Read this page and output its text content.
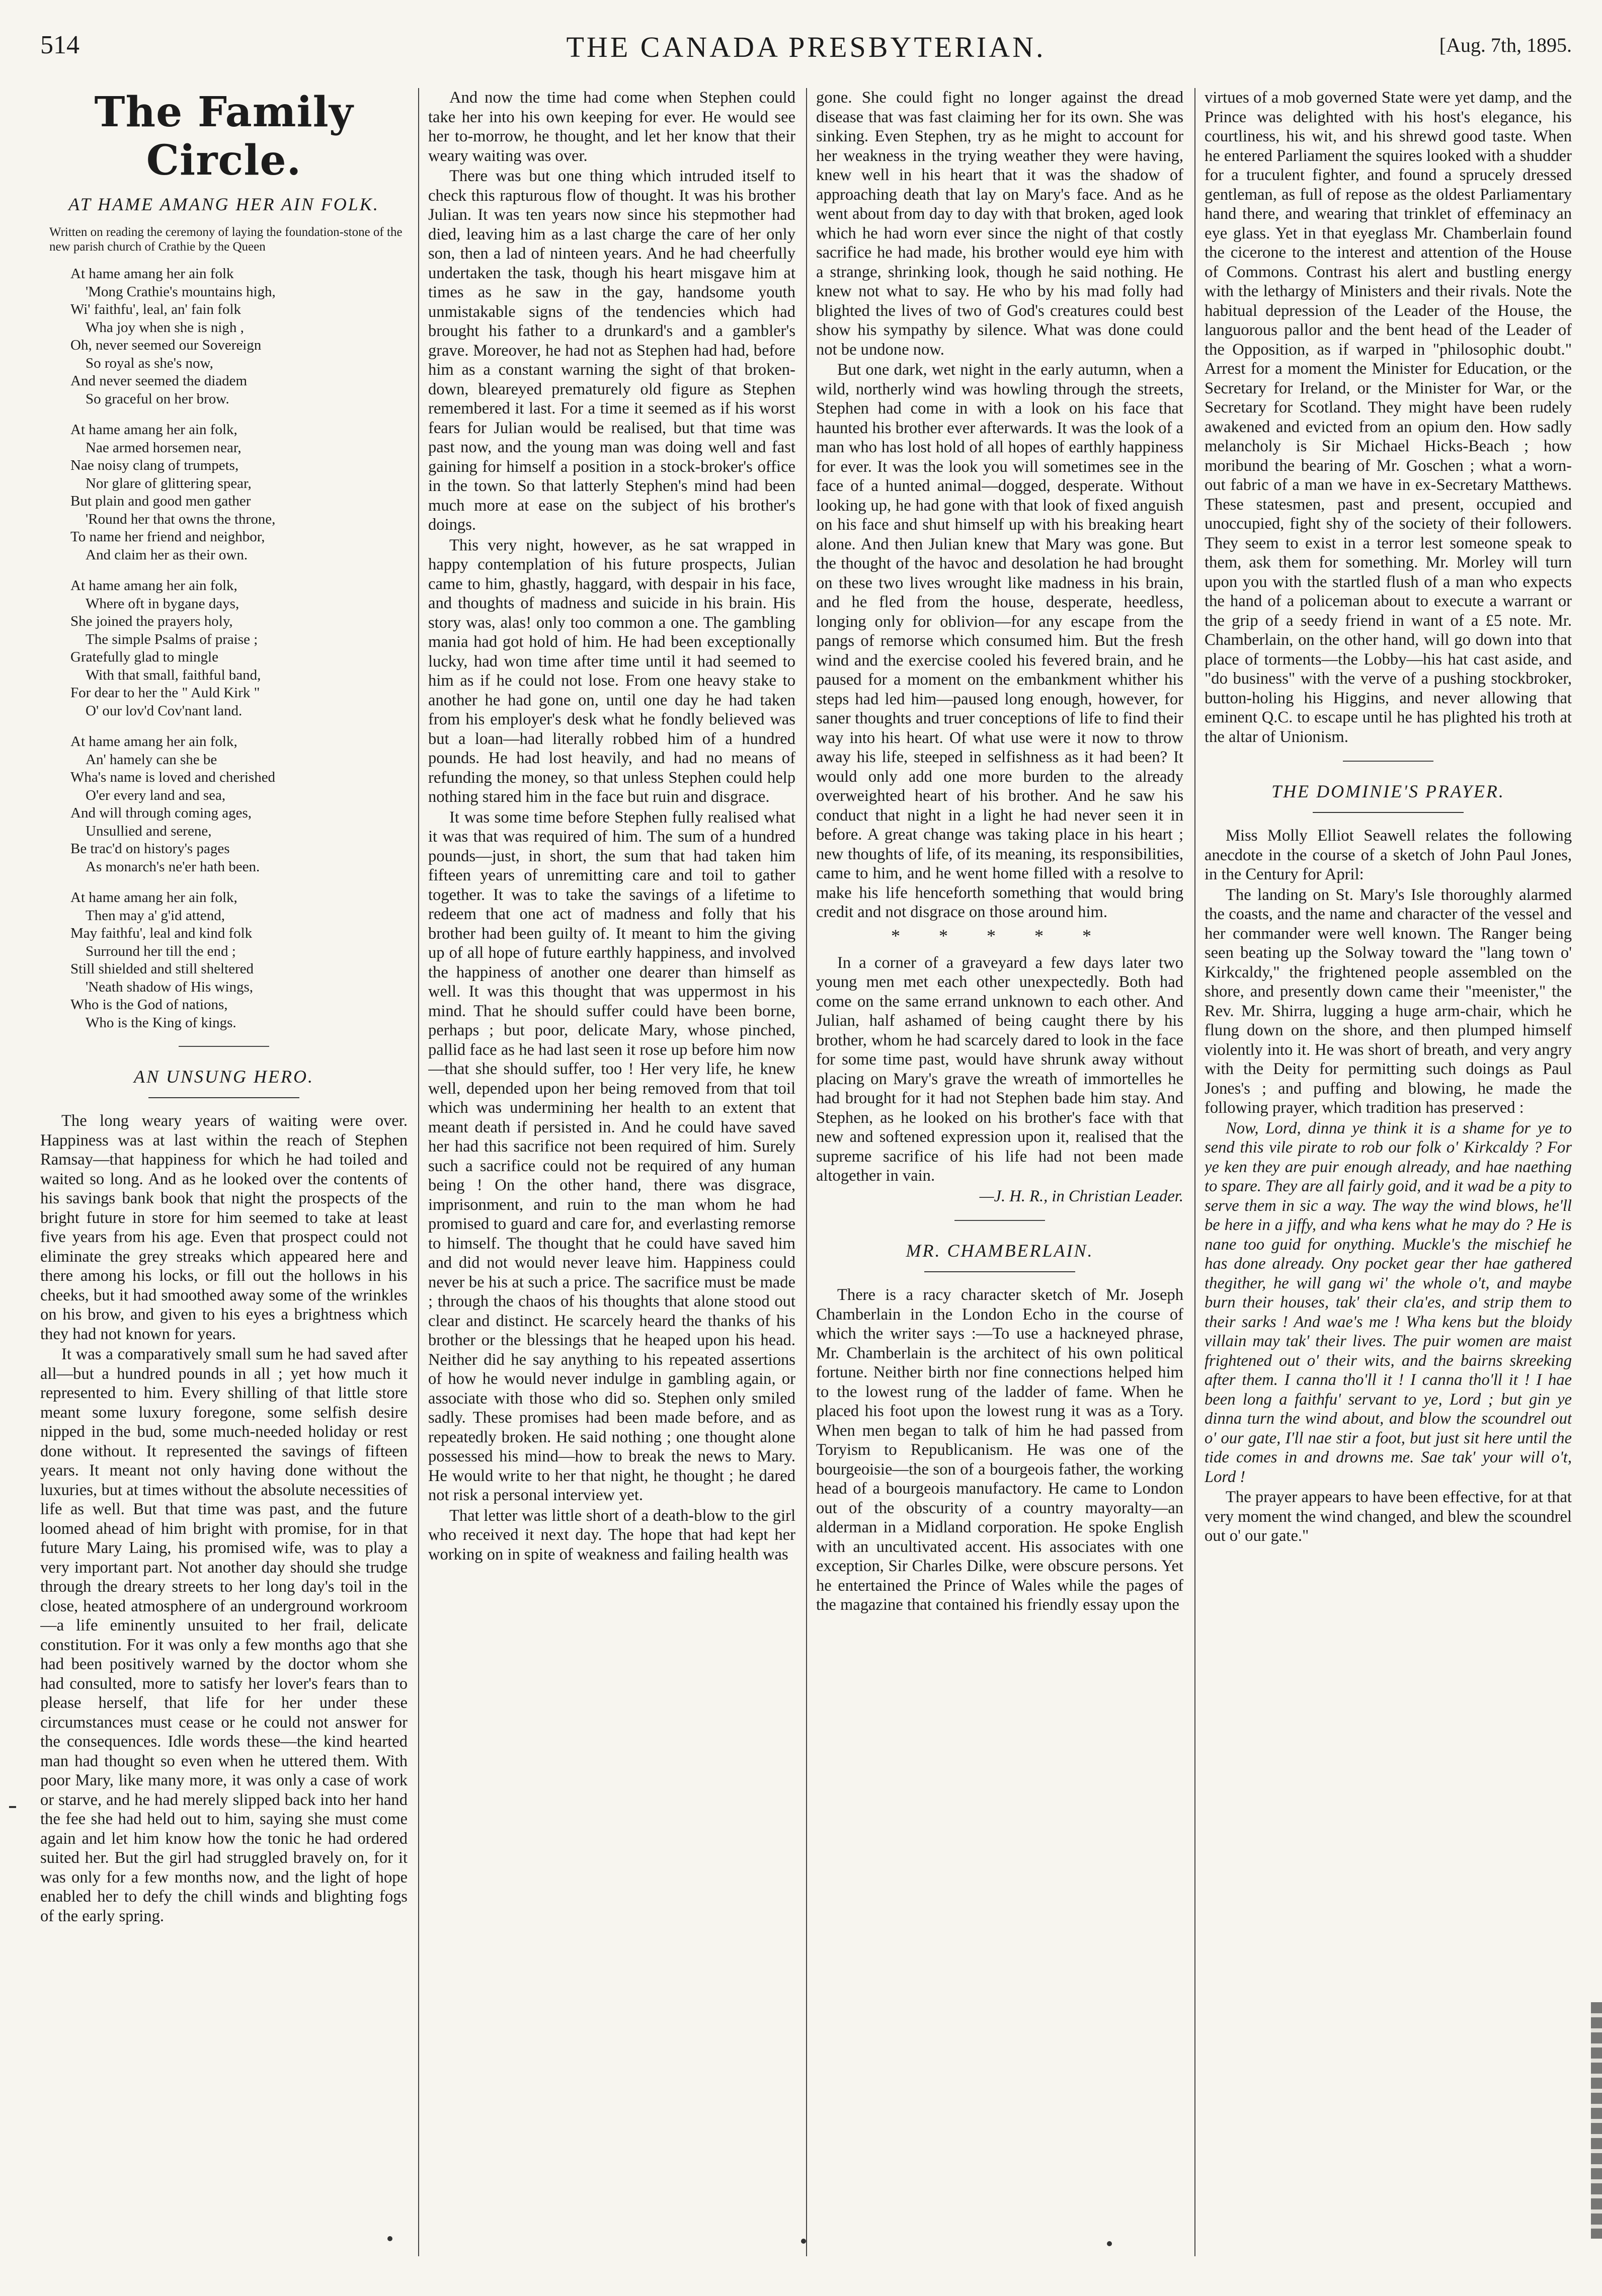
514	THE CANADA PRESBYTERIAN.	[Aug. 7th, 1895.
The Family Circle.
AT HAME AMANG HER AIN FOLK.
Written on reading the ceremony of laying the foundation-stone of the new parish church of Crathie by the Queen
At hame amang her ain folk
'Mong Crathie's mountains high,
Wi' faithfu', leal, an' fain folk
Wha joy when she is nigh ,
Oh, never seemed our Sovereign
So royal as she's now,
And never seemed the diadem
So graceful on her brow.
At hame amang her ain folk,
Nae armed horsemen near,
Nae noisy clang of trumpets,
Nor glare of glittering spear,
But plain and good men gather
'Round her that owns the throne,
To name her friend and neighbor,
And claim her as their own.
At hame amang her ain folk,
Where oft in bygane days,
She joined the prayers holy,
The simple Psalms of praise ;
Gratefully glad to mingle
With that small, faithful band,
For dear to her the " Auld Kirk "
O' our lov'd Cov'nant land.
At hame amang her ain folk,
An' hamely can she be
Wha's name is loved and cherished
O'er every land and sea,
And will through coming ages,
Unsullied and serene,
Be trac'd on history's pages
As monarch's ne'er hath been.
At hame amang her ain folk,
Then may a' g'id attend,
May faithfu', leal and kind folk
Surround her till the end ;
Still shielded and still sheltered
'Neath shadow of His wings,
Who is the God of nations,
Who is the King of kings.
AN UNSUNG HERO.

The long weary years of waiting were over. Happiness was at last within the reach of Stephen Ramsay—that happiness for which he had toiled and waited so long. And as he looked over the contents of his savings bank book that night the prospects of the bright future in store for him seemed to take at least five years from his age. Even that prospect could not eliminate the grey streaks which appeared here and there among his locks, or fill out the hollows in his cheeks, but it had smoothed away some of the wrinkles on his brow, and given to his eyes a brightness which they had not known for years.

It was a comparatively small sum he had saved after all—but a hundred pounds in all ; yet how much it represented to him. Every shilling of that little store meant some luxury foregone, some selfish desire nipped in the bud, some much-needed holiday or rest done without. It represented the savings of fifteen years. It meant not only having done without the luxuries, but at times without the absolute necessities of life as well. But that time was past, and the future loomed ahead of him bright with promise, for in that future Mary Laing, his promised wife, was to play a very important part. Not another day should she trudge through the dreary streets to her long day's toil in the close, heated atmosphere of an underground workroom—a life eminently unsuited to her frail, delicate constitution. For it was only a few months ago that she had been positively warned by the doctor whom she had consulted, more to satisfy her lover's fears than to please herself, that life for her under these circumstances must cease or he could not answer for the consequences. Idle words these—the kind hearted man had thought so even when he uttered them. With poor Mary, like many more, it was only a case of work or starve, and he had merely slipped back into her hand the fee she had held out to him, saying she must come again and let him know how the tonic he had ordered suited her. But the girl had struggled bravely on, for it was only for a few months now, and the light of hope enabled her to defy the chill winds and blighting fogs of the early spring.

And now the time had come when Stephen could take her into his own keeping for ever. He would see her to-morrow, he thought, and let her know that their weary waiting was over.

There was but one thing which intruded itself to check this rapturous flow of thought. It was his brother Julian. It was ten years now since his stepmother had died, leaving him as a last charge the care of her only son, then a lad of ninteen years. And he had cheerfully undertaken the task, though his heart misgave him at times as he saw in the gay, handsome youth unmistakable signs of the tendencies which had brought his father to a drunkard's and a gambler's grave. Moreover, he had not as Stephen had had, before him as a constant warning the sight of that broken-down, bleareyed prematurely old figure as Stephen remembered it last. For a time it seemed as if his worst fears for Julian would be realised, but that time was past now, and the young man was doing well and fast gaining for himself a position in a stock-broker's office in the town. So that latterly Stephen's mind had been much more at ease on the subject of his brother's doings.

This very night, however, as he sat wrapped in happy contemplation of his future prospects, Julian came to him, ghastly, haggard, with despair in his face, and thoughts of madness and suicide in his brain. His story was, alas! only too common a one. The gambling mania had got hold of him. He had been exceptionally lucky, had won time after time until it had seemed to him as if he could not lose. From one heavy stake to another he had gone on, until one day he had taken from his employer's desk what he fondly believed was but a loan—had literally robbed him of a hundred pounds. He had lost heavily, and had no means of refunding the money, so that unless Stephen could help nothing stared him in the face but ruin and disgrace.

It was some time before Stephen fully realised what it was that was required of him. The sum of a hundred pounds—just, in short, the sum that had taken him fifteen years of unremitting care and toil to gather together. It was to take the savings of a lifetime to redeem that one act of madness and folly that his brother had been guilty of. It meant to him the giving up of all hope of future earthly happiness, and involved the happiness of another one dearer than himself as well. It was this thought that was uppermost in his mind. That he should suffer could have been borne, perhaps ; but poor, delicate Mary, whose pinched, pallid face as he had last seen it rose up before him now—that she should suffer, too ! Her very life, he knew well, depended upon her being removed from that toil which was undermining her health to an extent that meant death if persisted in. And he could have saved her had this sacrifice not been required of him. Surely such a sacrifice could not be required of any human being ! On the other hand, there was disgrace, imprisonment, and ruin to the man whom he had promised to guard and care for, and everlasting remorse to himself. The thought that he could have saved him and did not would never leave him. Happiness could never be his at such a price. The sacrifice must be made ; through the chaos of his thoughts that alone stood out clear and distinct. He scarcely heard the thanks of his brother or the blessings that he heaped upon his head. Neither did he say anything to his repeated assertions of how he would never indulge in gambling again, or associate with those who did so. Stephen only smiled sadly. These promises had been made before, and as repeatedly broken. He said nothing ; one thought alone possessed his mind—how to break the news to Mary. He would write to her that night, he thought ; he dared not risk a personal interview yet.

That letter was little short of a death-blow to the girl who received it next day. The hope that had kept her working on in spite of weakness and failing health was

gone. She could fight no longer against the dread disease that was fast claiming her for its own. She was sinking. Even Stephen, try as he might to account for her weakness in the trying weather they were having, knew well in his heart that it was the shadow of approaching death that lay on Mary's face. And as he went about from day to day with that broken, aged look which he had worn ever since the night of that costly sacrifice he had made, his brother would eye him with a strange, shrinking look, though he said nothing. He knew not what to say. He who by his mad folly had blighted the lives of two of God's creatures could best show his sympathy by silence. What was done could not be undone now.

But one dark, wet night in the early autumn, when a wild, northerly wind was howling through the streets, Stephen had come in with a look on his face that haunted his brother ever afterwards. It was the look of a man who has lost hold of all hopes of earthly happiness for ever. It was the look you will sometimes see in the face of a hunted animal—dogged, desperate. Without looking up, he had gone with that look of fixed anguish on his face and shut himself up with his breaking heart alone. And then Julian knew that Mary was gone. But the thought of the havoc and desolation he had brought on these two lives wrought like madness in his brain, and he fled from the house, desperate, heedless, longing only for oblivion—for any escape from the pangs of remorse which consumed him. But the fresh wind and the exercise cooled his fevered brain, and he paused for a moment on the embankment whither his steps had led him—paused long enough, however, for saner thoughts and truer conceptions of life to find their way into his heart. Of what use were it now to throw away his life, steeped in selfishness as it had been? It would only add one more burden to the already overweighted heart of his brother. And he saw his conduct that night in a light he had never seen it in before. A great change was taking place in his heart ; new thoughts of life, of its meaning, its responsibilities, came to him, and he went home filled with a resolve to make his life henceforth something that would bring credit and not disgrace on those around him.

* * * * *

In a corner of a graveyard a few days later two young men met each other unexpectedly. Both had come on the same errand unknown to each other. And Julian, half ashamed of being caught there by his brother, whom he had scarcely dared to look in the face for some time past, would have shrunk away without placing on Mary's grave the wreath of immortelles he had brought for it had not Stephen bade him stay. And Stephen, as he looked on his brother's face with that new and softened expression upon it, realised that the supreme sacrifice of his life had not been made altogether in vain.

—J. H. R., in Christian Leader.
MR. CHAMBERLAIN.

There is a racy character sketch of Mr. Joseph Chamberlain in the London Echo in the course of which the writer says :—To use a hackneyed phrase, Mr. Chamberlain is the architect of his own political fortune. Neither birth nor fine connections helped him to the lowest rung of the ladder of fame. When he placed his foot upon the lowest rung it was as a Tory. When men began to talk of him he had passed from Toryism to Republicanism. He was one of the bourgeoisie—the son of a bourgeois father, the working head of a bourgeois manufactory. He came to London out of the obscurity of a country mayoralty—an alderman in a Midland corporation. He spoke English with an uncultivated accent. His associates with one exception, Sir Charles Dilke, were obscure persons. Yet he entertained the Prince of Wales while the pages of the magazine that contained his friendly essay upon the

virtues of a mob governed State were yet damp, and the Prince was delighted with his host's elegance, his courtliness, his wit, and his shrewd good taste. When he entered Parliament the squires looked with a shudder for a truculent fighter, and found a sprucely dressed gentleman, as full of repose as the oldest Parliamentary hand there, and wearing that trinklet of effeminacy an eye glass. Yet in that eyeglass Mr. Chamberlain found the cicerone to the interest and attention of the House of Commons. Contrast his alert and bustling energy with the lethargy of Ministers and their rivals. Note the habitual depression of the Leader of the House, the languorous pallor and the bent head of the Leader of the Opposition, as if warped in "philosophic doubt." Arrest for a moment the Minister for Education, or the Secretary for Ireland, or the Minister for War, or the Secretary for Scotland. They might have been rudely awakened and evicted from an opium den. How sadly melancholy is Sir Michael Hicks-Beach ; how moribund the bearing of Mr. Goschen ; what a worn-out fabric of a man we have in ex-Secretary Matthews. These statesmen, past and present, occupied and unoccupied, fight shy of the society of their followers. They seem to exist in a terror lest someone speak to them, ask them for something. Mr. Morley will turn upon you with the startled flush of a man who expects the hand of a policeman about to execute a warrant or the grip of a seedy friend in want of a £5 note. Mr. Chamberlain, on the other hand, will go down into that place of torments—the Lobby—his hat cast aside, and "do business" with the verve of a pushing stockbroker, button-holing his Higgins, and never allowing that eminent Q.C. to escape until he has plighted his troth at the altar of Unionism.

THE DOMINIE'S PRAYER.

Miss Molly Elliot Seawell relates the following anecdote in the course of a sketch of John Paul Jones, in the Century for April:

The landing on St. Mary's Isle thoroughly alarmed the coasts, and the name and character of the vessel and her commander were well known. The Ranger being seen beating up the Solway toward the "lang town o' Kirkcaldy," the frightened people assembled on the shore, and presently down came their "meenister," the Rev. Mr. Shirra, lugging a huge arm-chair, which he flung down on the shore, and then plumped himself violently into it. He was short of breath, and very angry with the Deity for permitting such doings as Paul Jones's ; and puffing and blowing, he made the following prayer, which tradition has preserved :

Now, Lord, dinna ye think it is a shame for ye to send this vile pirate to rob our folk o' Kirkcaldy ? For ye ken they are puir enough already, and hae naething to spare. They are all fairly goid, and it wad be a pity to serve them in sic a way. The way the wind blows, he'll be here in a jiffy, and wha kens what he may do ? He is nane too guid for onything. Muckle's the mischief he has done already. Ony pocket gear ther hae gathered thegither, he will gang wi' the whole o't, and maybe burn their houses, tak' their cla'es, and strip them to their sarks ! And wae's me ! Wha kens but the bloidy villain may tak' their lives. The puir women are maist frightened out o' their wits, and the bairns skreeking after them. I canna tho'll it ! I canna tho'll it ! I hae been long a faithfu' servant to ye, Lord ; but gin ye dinna turn the wind about, and blow the scoundrel out o' our gate, I'll nae stir a foot, but just sit here until the tide comes in and drowns me. Sae tak' your will o't, Lord !

The prayer appears to have been effective, for at that very moment the wind changed, and blew the scoundrel out o' our gate."
